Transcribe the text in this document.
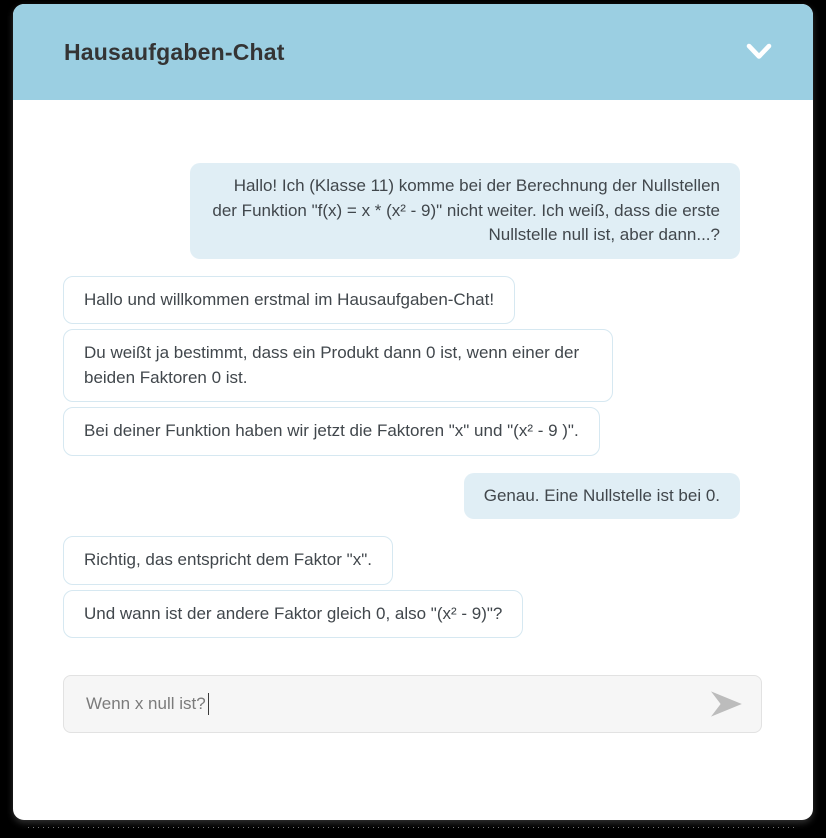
Hausaufgaben-Chat
Hallo! Ich (Klasse 11) komme bei der Berechnung der Nullstellen der Funktion "f(x) = x * (x² - 9)" nicht weiter. Ich weiß, dass die erste Nullstelle null ist, aber dann...?
Hallo und willkommen erstmal im Hausaufgaben-Chat!
Du weißt ja bestimmt, dass ein Produkt dann 0 ist, wenn einer der beiden Faktoren 0 ist.
Bei deiner Funktion haben wir jetzt die Faktoren "x" und "(x² - 9 )".
Genau. Eine Nullstelle ist bei 0.
Richtig, das entspricht dem Faktor "x".
Und wann ist der andere Faktor gleich 0, also "(x² - 9)"?
Wenn x null ist?
